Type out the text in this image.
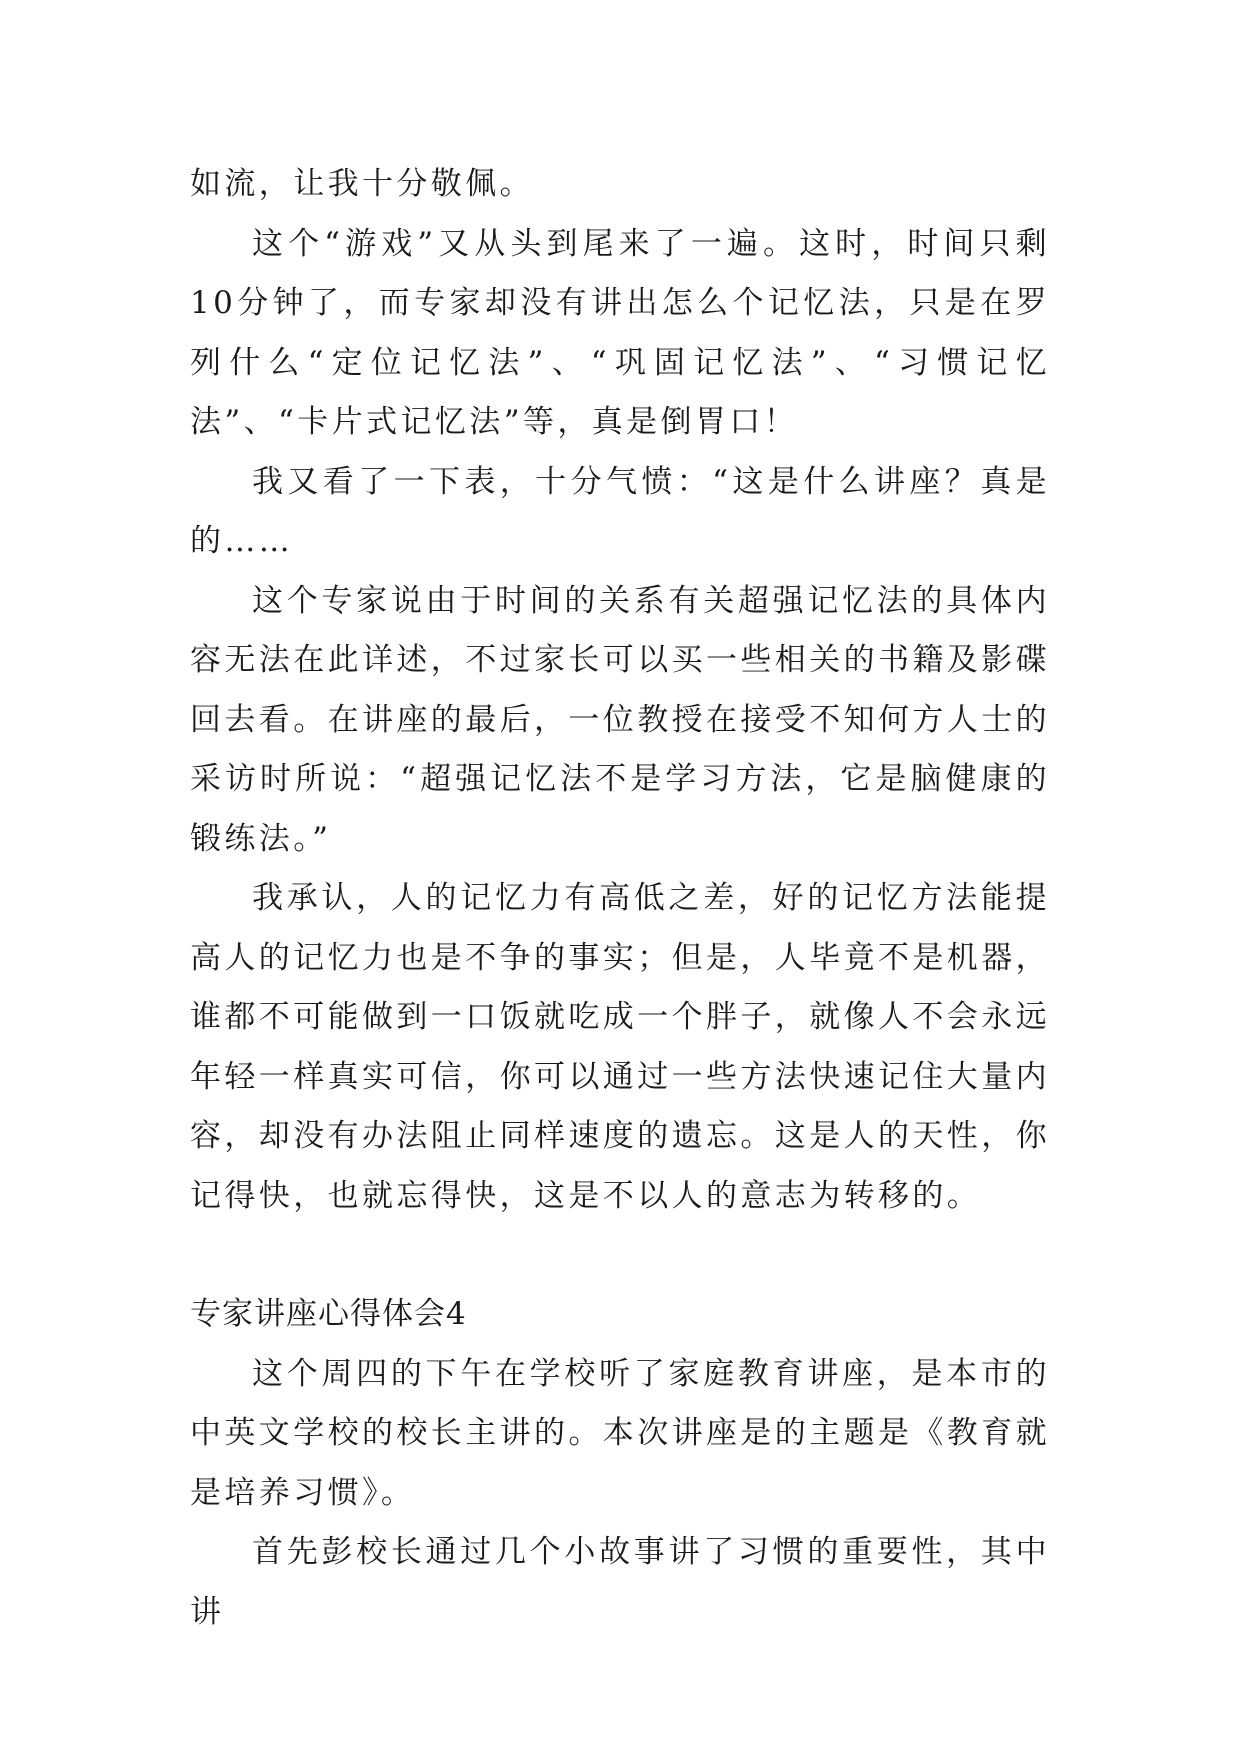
如流，让我十分敬佩。

这个“游戏”又从头到尾来了一遍。这时，时间只剩10分钟了，而专家却没有讲出怎么个记忆法，只是在罗列什么“定位记忆法”、“巩固记忆法”、“习惯记忆法”、“卡片式记忆法”等，真是倒胃口！

我又看了一下表，十分气愤：“这是什么讲座？真是的……

这个专家说由于时间的关系有关超强记忆法的具体内容无法在此详述，不过家长可以买一些相关的书籍及影碟回去看。在讲座的最后，一位教授在接受不知何方人士的采访时所说：“超强记忆法不是学习方法，它是脑健康的锻练法。”

我承认，人的记忆力有高低之差，好的记忆方法能提高人的记忆力也是不争的事实；但是，人毕竟不是机器，谁都不可能做到一口饭就吃成一个胖子，就像人不会永远年轻一样真实可信，你可以通过一些方法快速记住大量内容，却没有办法阻止同样速度的遗忘。这是人的天性，你记得快，也就忘得快，这是不以人的意志为转移的。

专家讲座心得体会4

这个周四的下午在学校听了家庭教育讲座，是本市的中英文学校的校长主讲的。本次讲座是的主题是《教育就是培养习惯》。

首先彭校长通过几个小故事讲了习惯的重要性，其中讲
